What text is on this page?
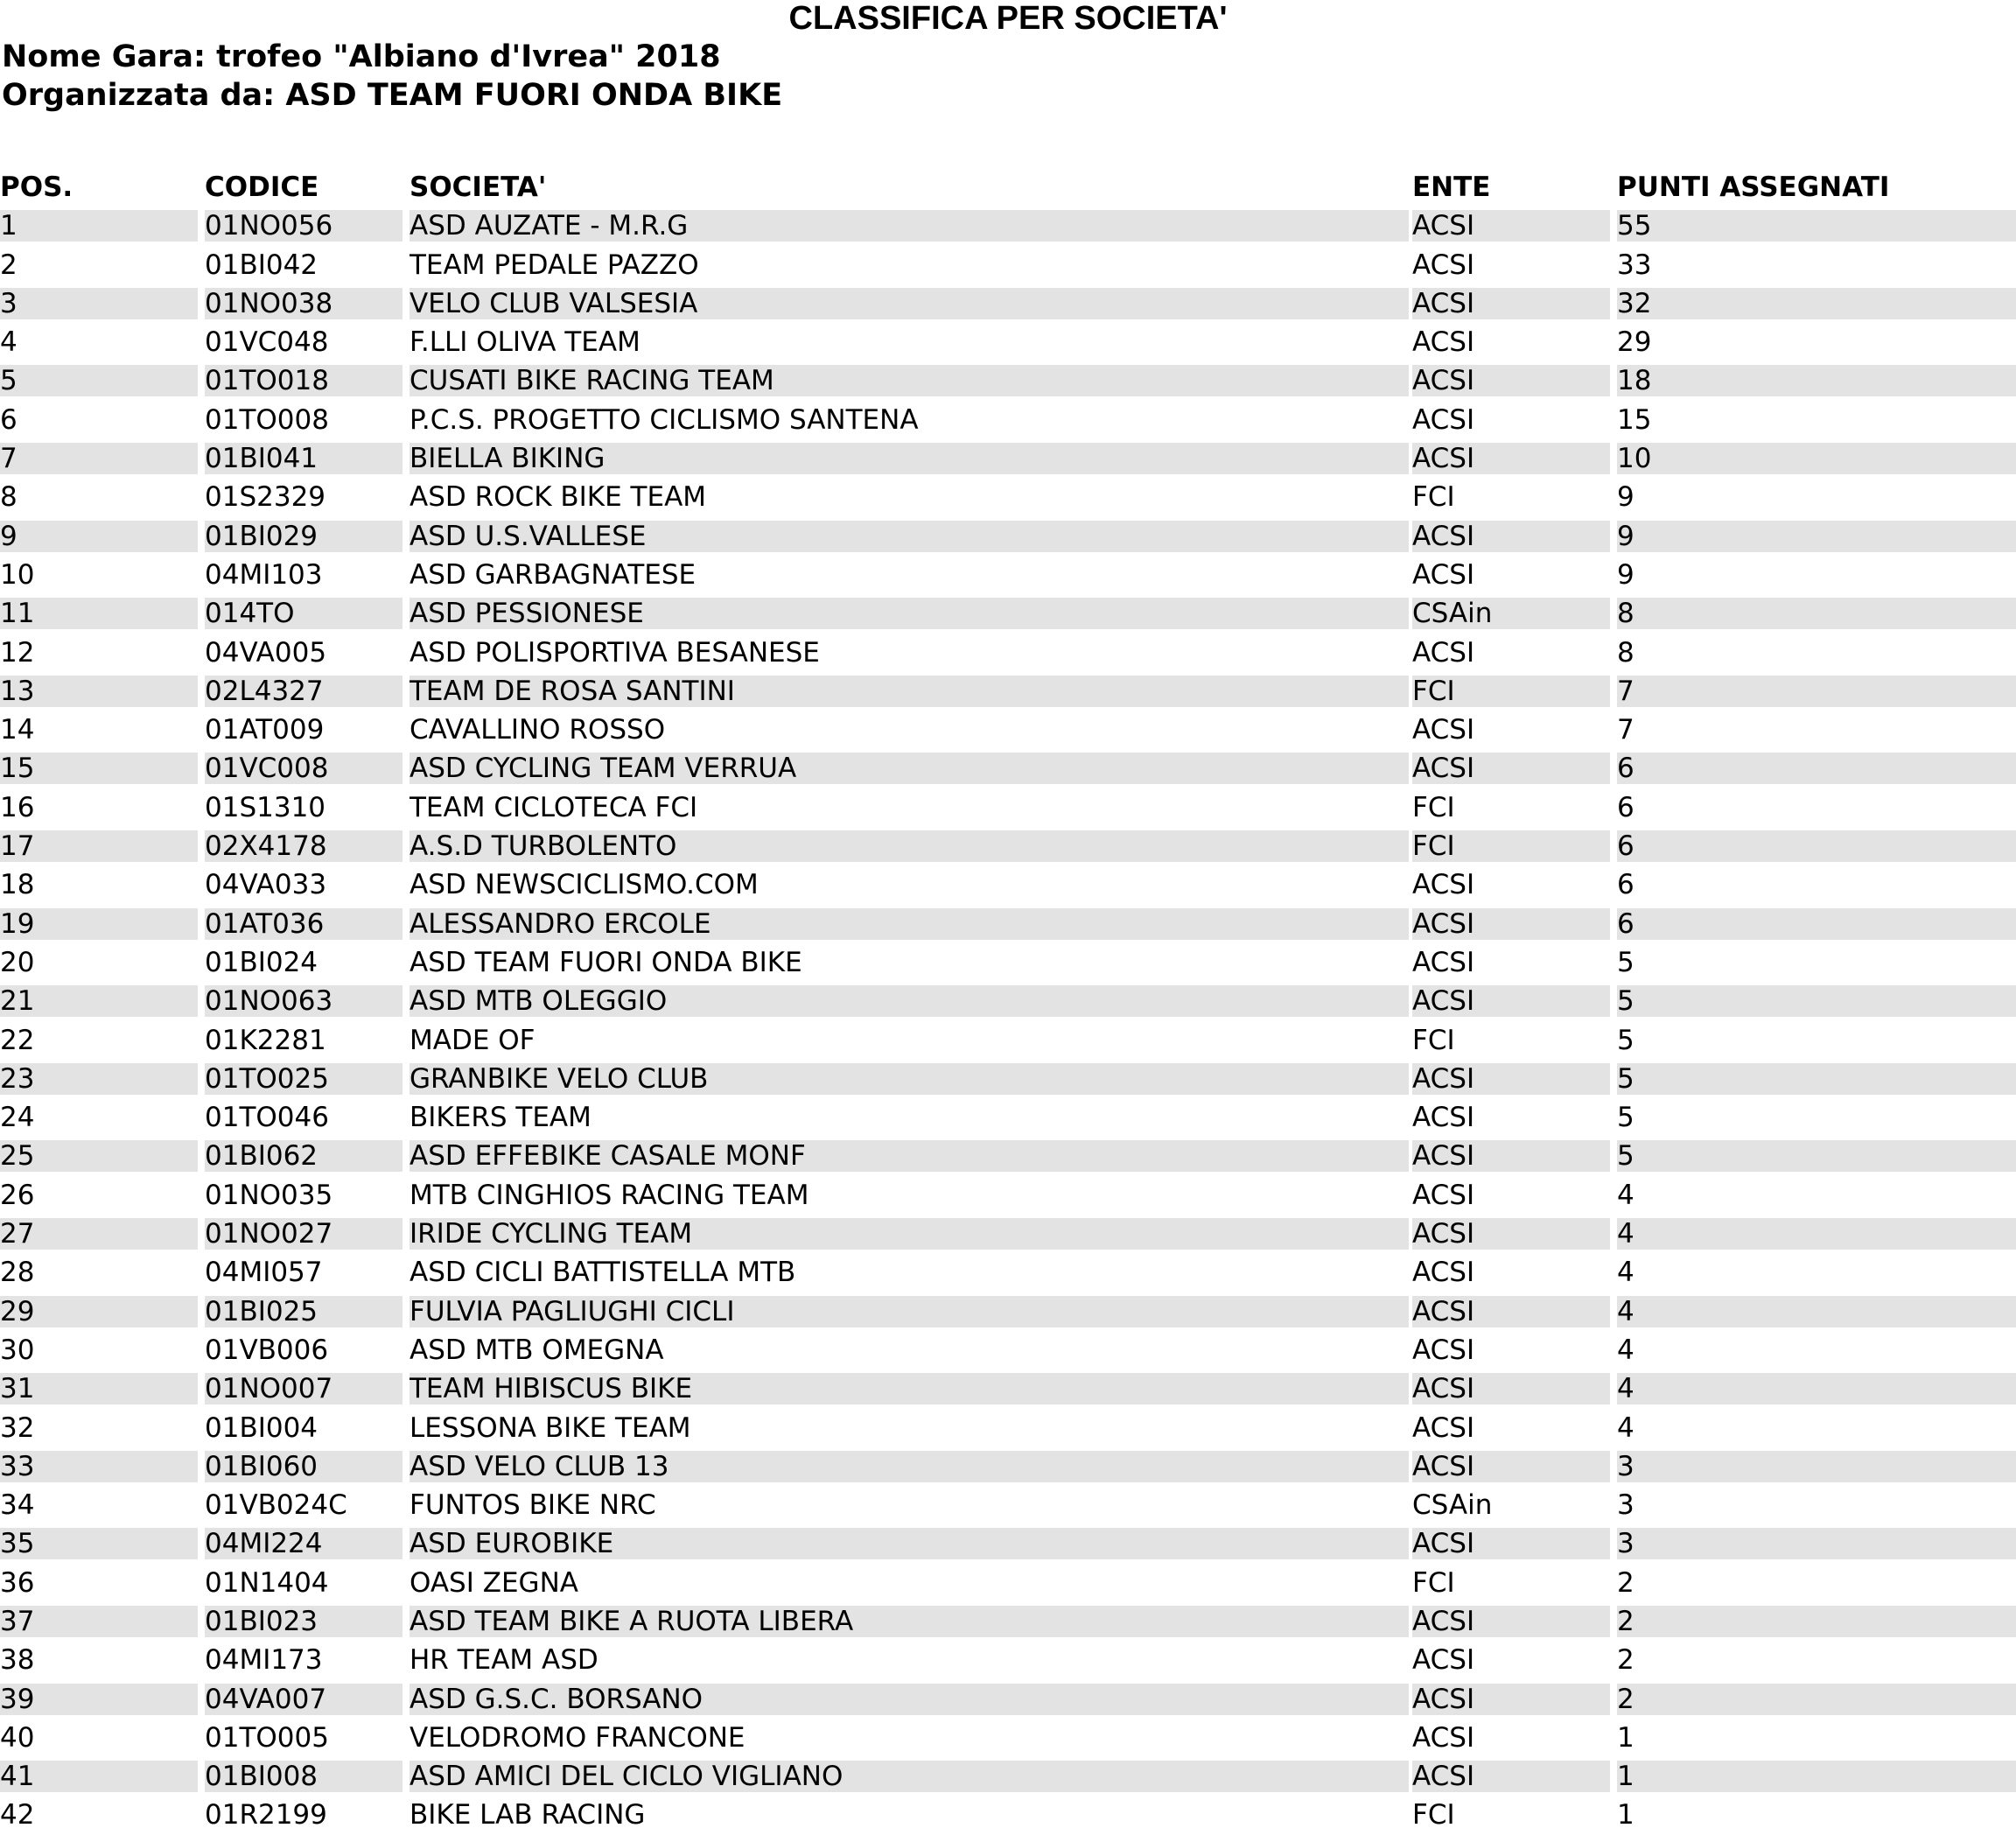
CLASSIFICA PER SOCIETA'
Nome Gara: trofeo "Albiano d'Ivrea" 2018
Organizzata da: ASD TEAM FUORI ONDA BIKE
POS.	CODICE	SOCIETA'	ENTE	PUNTI ASSEGNATI
1	01NO056	ASD AUZATE - M.R.G	ACSI	55
2	01BI042	TEAM PEDALE PAZZO	ACSI	33
3	01NO038	VELO CLUB VALSESIA	ACSI	32
4	01VC048	F.LLI OLIVA TEAM	ACSI	29
5	01TO018	CUSATI BIKE RACING TEAM	ACSI	18
6	01TO008	P.C.S. PROGETTO CICLISMO SANTENA	ACSI	15
7	01BI041	BIELLA BIKING	ACSI	10
8	01S2329	ASD ROCK BIKE TEAM	FCI	9
9	01BI029	ASD U.S.VALLESE	ACSI	9
10	04MI103	ASD GARBAGNATESE	ACSI	9
11	014TO	ASD PESSIONESE	CSAin	8
12	04VA005	ASD POLISPORTIVA BESANESE	ACSI	8
13	02L4327	TEAM DE ROSA SANTINI	FCI	7
14	01AT009	CAVALLINO ROSSO	ACSI	7
15	01VC008	ASD CYCLING TEAM VERRUA	ACSI	6
16	01S1310	TEAM CICLOTECA FCI	FCI	6
17	02X4178	A.S.D TURBOLENTO	FCI	6
18	04VA033	ASD NEWSCICLISMO.COM	ACSI	6
19	01AT036	ALESSANDRO ERCOLE	ACSI	6
20	01BI024	ASD TEAM FUORI ONDA BIKE	ACSI	5
21	01NO063	ASD MTB OLEGGIO	ACSI	5
22	01K2281	MADE OF	FCI	5
23	01TO025	GRANBIKE VELO CLUB	ACSI	5
24	01TO046	BIKERS TEAM	ACSI	5
25	01BI062	ASD EFFEBIKE CASALE MONF	ACSI	5
26	01NO035	MTB CINGHIOS RACING TEAM	ACSI	4
27	01NO027	IRIDE CYCLING TEAM	ACSI	4
28	04MI057	ASD CICLI BATTISTELLA MTB	ACSI	4
29	01BI025	FULVIA PAGLIUGHI CICLI	ACSI	4
30	01VB006	ASD MTB OMEGNA	ACSI	4
31	01NO007	TEAM HIBISCUS BIKE	ACSI	4
32	01BI004	LESSONA BIKE TEAM	ACSI	4
33	01BI060	ASD VELO CLUB 13	ACSI	3
34	01VB024C	FUNTOS BIKE NRC	CSAin	3
35	04MI224	ASD EUROBIKE	ACSI	3
36	01N1404	OASI ZEGNA	FCI	2
37	01BI023	ASD TEAM BIKE A RUOTA LIBERA	ACSI	2
38	04MI173	HR TEAM ASD	ACSI	2
39	04VA007	ASD G.S.C. BORSANO	ACSI	2
40	01TO005	VELODROMO FRANCONE	ACSI	1
41	01BI008	ASD AMICI DEL CICLO VIGLIANO	ACSI	1
42	01R2199	BIKE LAB RACING	FCI	1
